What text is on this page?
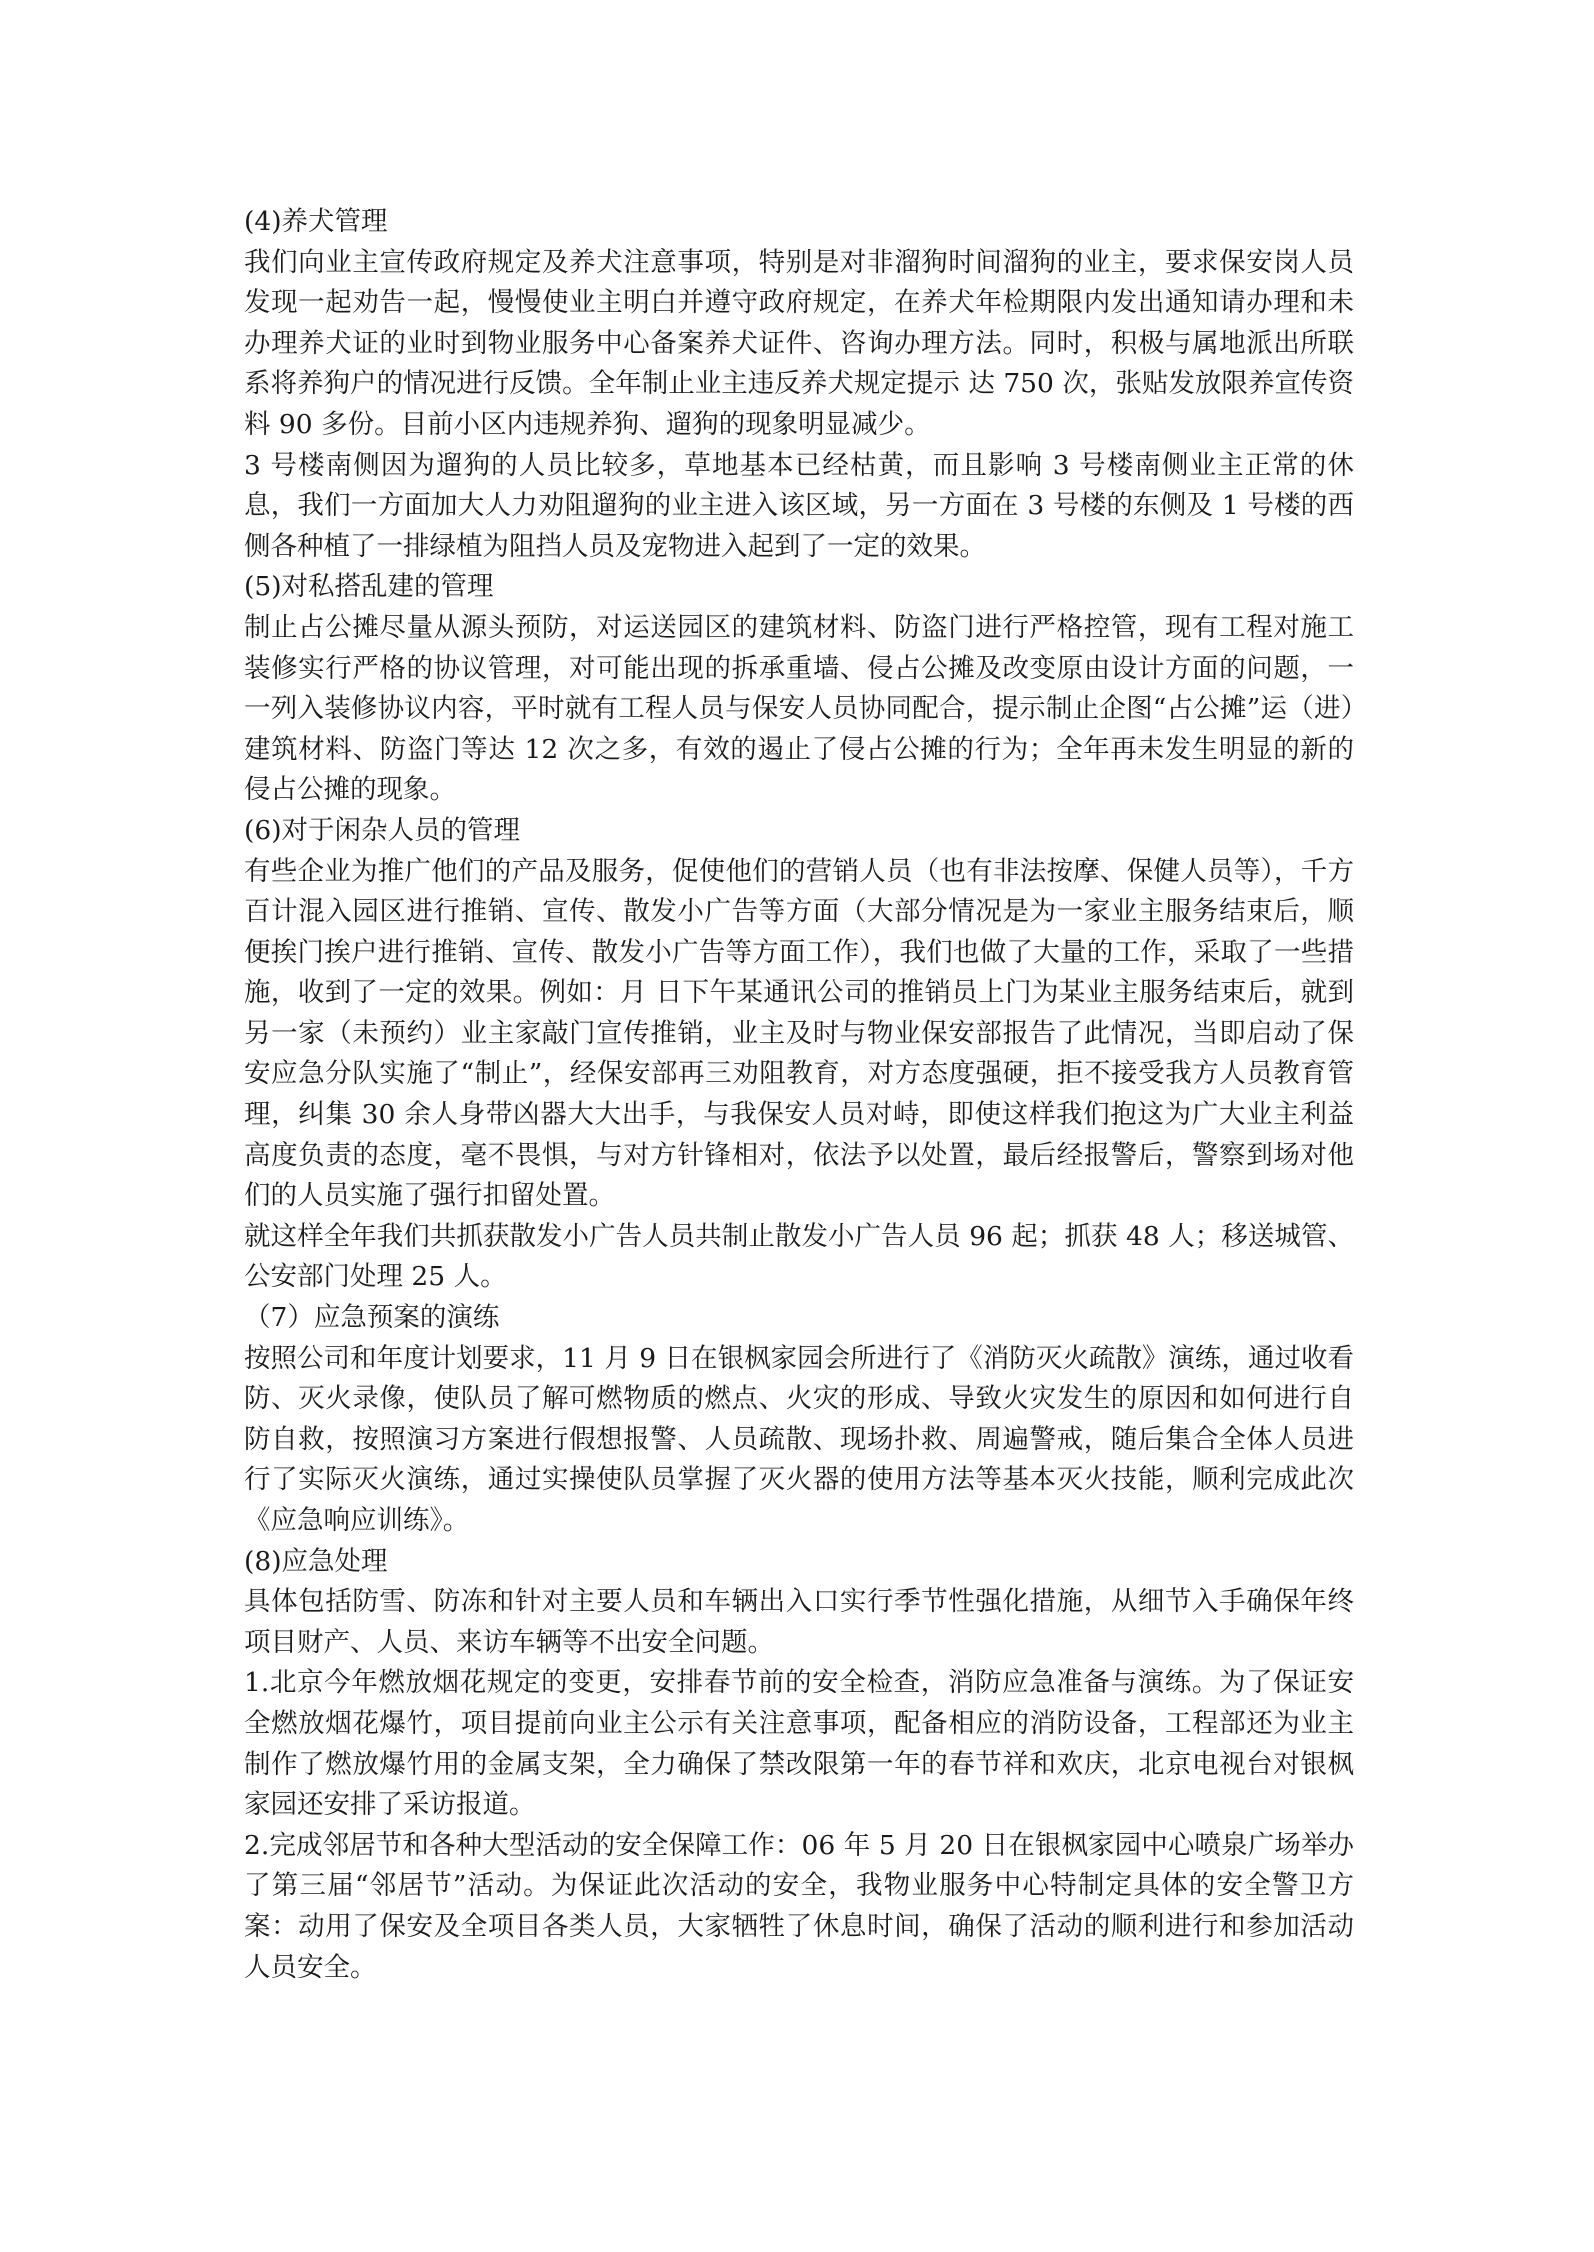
(4)养犬管理

我们向业主宣传政府规定及养犬注意事项，特别是对非溜狗时间溜狗的业主，要求保安岗人员发现一起劝告一起，慢慢使业主明白并遵守政府规定，在养犬年检期限内发出通知请办理和未办理养犬证的业时到物业服务中心备案养犬证件、咨询办理方法。同时，积极与属地派出所联系将养狗户的情况进行反馈。全年制止业主违反养犬规定提示 达 750 次，张贴发放限养宣传资料 90 多份。目前小区内违规养狗、遛狗的现象明显减少。

3 号楼南侧因为遛狗的人员比较多，草地基本已经枯黄，而且影响 3 号楼南侧业主正常的休息，我们一方面加大人力劝阻遛狗的业主进入该区域，另一方面在 3 号楼的东侧及 1 号楼的西侧各种植了一排绿植为阻挡人员及宠物进入起到了一定的效果。

(5)对私搭乱建的管理

制止占公摊尽量从源头预防，对运送园区的建筑材料、防盗门进行严格控管，现有工程对施工装修实行严格的协议管理，对可能出现的拆承重墙、侵占公摊及改变原由设计方面的问题，一一列入装修协议内容，平时就有工程人员与保安人员协同配合，提示制止企图“占公摊”运（进）建筑材料、防盗门等达 12 次之多，有效的遏止了侵占公摊的行为；全年再未发生明显的新的侵占公摊的现象。

(6)对于闲杂人员的管理

有些企业为推广他们的产品及服务，促使他们的营销人员（也有非法按摩、保健人员等），千方百计混入园区进行推销、宣传、散发小广告等方面（大部分情况是为一家业主服务结束后，顺便挨门挨户进行推销、宣传、散发小广告等方面工作），我们也做了大量的工作，采取了一些措施，收到了一定的效果。例如：月 日下午某通讯公司的推销员上门为某业主服务结束后，就到另一家（未预约）业主家敲门宣传推销，业主及时与物业保安部报告了此情况，当即启动了保安应急分队实施了“制止”，经保安部再三劝阻教育，对方态度强硬，拒不接受我方人员教育管理，纠集 30 余人身带凶器大大出手，与我保安人员对峙，即使这样我们抱这为广大业主利益高度负责的态度，毫不畏惧，与对方针锋相对，依法予以处置，最后经报警后，警察到场对他们的人员实施了强行扣留处置。

就这样全年我们共抓获散发小广告人员共制止散发小广告人员 96 起；抓获 48 人；移送城管、公安部门处理 25 人。

（7）应急预案的演练

按照公司和年度计划要求，11 月 9 日在银枫家园会所进行了《消防灭火疏散》演练，通过收看防、灭火录像，使队员了解可燃物质的燃点、火灾的形成、导致火灾发生的原因和如何进行自防自救，按照演习方案进行假想报警、人员疏散、现场扑救、周遍警戒，随后集合全体人员进行了实际灭火演练，通过实操使队员掌握了灭火器的使用方法等基本灭火技能，顺利完成此次《应急响应训练》。

(8)应急处理

具体包括防雪、防冻和针对主要人员和车辆出入口实行季节性强化措施，从细节入手确保年终项目财产、人员、来访车辆等不出安全问题。

1.北京今年燃放烟花规定的变更，安排春节前的安全检查，消防应急准备与演练。为了保证安全燃放烟花爆竹，项目提前向业主公示有关注意事项，配备相应的消防设备，工程部还为业主制作了燃放爆竹用的金属支架，全力确保了禁改限第一年的春节祥和欢庆，北京电视台对银枫家园还安排了采访报道。

2.完成邻居节和各种大型活动的安全保障工作：06 年 5 月 20 日在银枫家园中心喷泉广场举办了第三届“邻居节”活动。为保证此次活动的安全，我物业服务中心特制定具体的安全警卫方案：动用了保安及全项目各类人员，大家牺牲了休息时间，确保了活动的顺利进行和参加活动人员安全。
